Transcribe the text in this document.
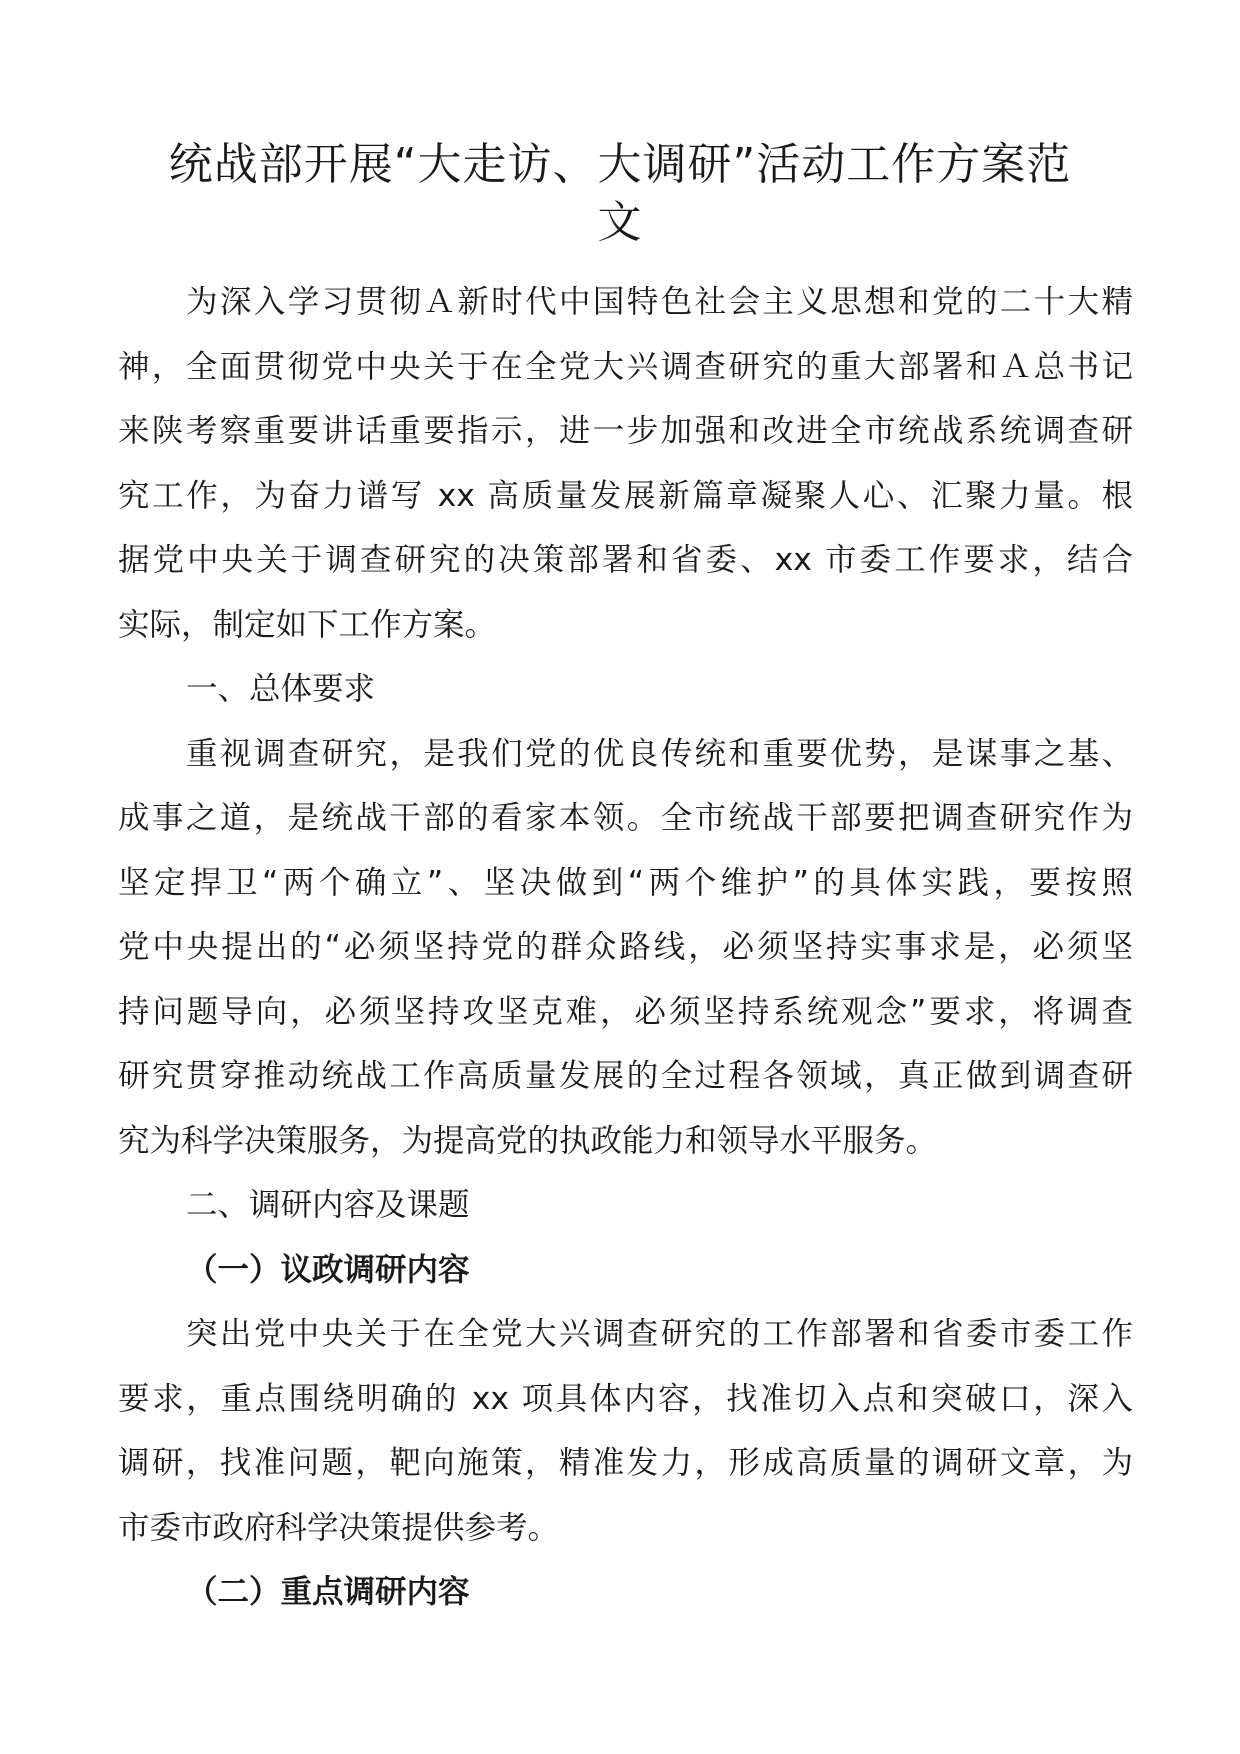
统战部开展“大走访、大调研”活动工作方案范
文
为深入学习贯彻Ａ新时代中国特色社会主义思想和党的二十大精
神，全面贯彻党中央关于在全党大兴调查研究的重大部署和Ａ总书记
来陕考察重要讲话重要指示，进一步加强和改进全市统战系统调查研
究工作，为奋力谱写 xx 高质量发展新篇章凝聚人心、汇聚力量。根
据党中央关于调查研究的决策部署和省委、xx 市委工作要求，结合
实际，制定如下工作方案。
一、总体要求
重视调查研究，是我们党的优良传统和重要优势，是谋事之基、
成事之道，是统战干部的看家本领。全市统战干部要把调查研究作为
坚定捍卫“两个确立”、坚决做到“两个维护”的具体实践，要按照
党中央提出的“必须坚持党的群众路线，必须坚持实事求是，必须坚
持问题导向，必须坚持攻坚克难，必须坚持系统观念”要求，将调查
研究贯穿推动统战工作高质量发展的全过程各领域，真正做到调查研
究为科学决策服务，为提高党的执政能力和领导水平服务。
二、调研内容及课题
（一）议政调研内容
突出党中央关于在全党大兴调查研究的工作部署和省委市委工作
要求，重点围绕明确的 xx 项具体内容，找准切入点和突破口，深入
调研，找准问题，靶向施策，精准发力，形成高质量的调研文章，为
市委市政府科学决策提供参考。
（二）重点调研内容
